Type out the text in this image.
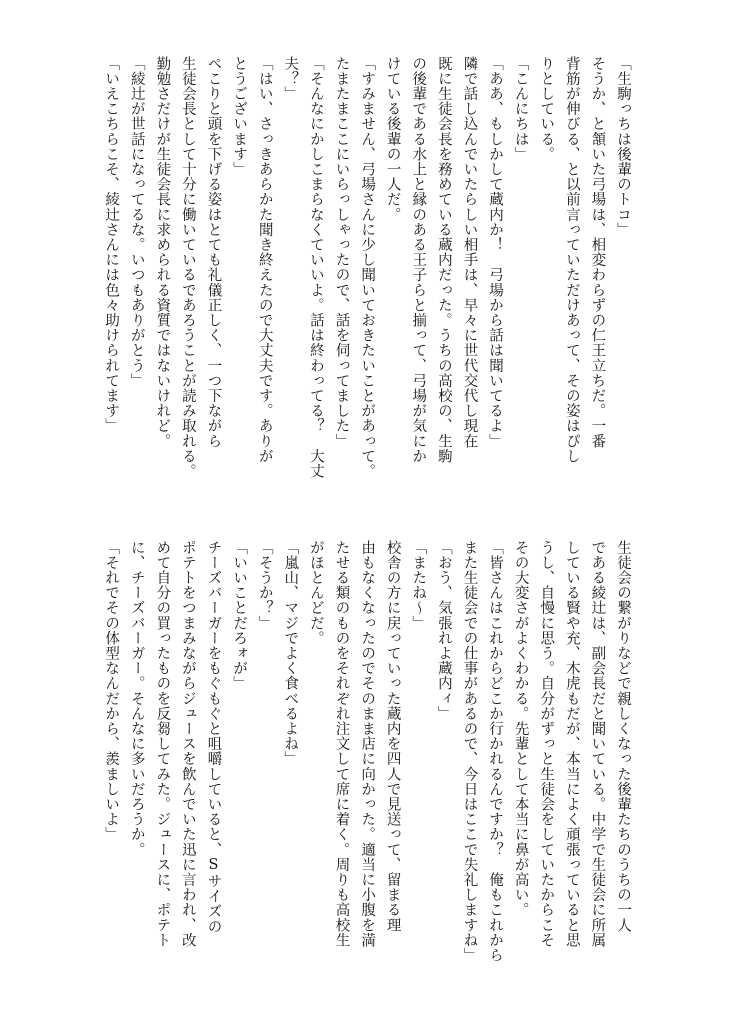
「生駒っちは後輩のトコ」

そうか、と頷いた弓場は、相変わらずの仁王立ちだ。一番

背筋が伸びる、と以前言っていただけあって、その姿はぴし

りとしている。

「こんにちは」

「ああ、もしかして蔵内か！　弓場から話は聞いてるよ」

隣で話し込んでいたらしい相手は、早々に世代交代し現在

既に生徒会長を務めている蔵内だった。うちの高校の、生駒

の後輩である水上と縁のある王子らと揃って、弓場が気にか

けている後輩の一人だ。

「すみません、弓場さんに少し聞いておきたいことがあって。

たまたまここにいらっしゃったので、話を伺ってました」

「そんなにかしこまらなくていいよ。話は終わってる？　大丈

夫？」

「はい、さっきあらかた聞き終えたので大丈夫です。ありが

とうございます」

ぺこりと頭を下げる姿はとても礼儀正しく、一つ下ながら

生徒会長として十分に働いているであろうことが読み取れる。

勤勉さだけが生徒会長に求められる資質ではないけれど。

「綾辻が世話になってるな。いつもありがとう」

「いえこちらこそ、綾辻さんには色々助けられてます」

生徒会の繋がりなどで親しくなった後輩たちのうちの一人

である綾辻は、副会長だと聞いている。中学で生徒会に所属

している賢や充、木虎もだが、本当によく頑張っていると思

うし、自慢に思う。自分がずっと生徒会をしていたからこそ

その大変さがよくわかる。先輩として本当に鼻が高い。

「皆さんはこれからどこか行かれるんですか？　俺もこれから

また生徒会での仕事があるので、今日はここで失礼しますね」

「おう、気張れよ蔵内ィ」

「またね〜」

校舎の方に戻っていった蔵内を四人で見送って、留まる理

由もなくなったのでそのまま店に向かった。適当に小腹を満

たせる類のものをそれぞれ注文して席に着く。周りも高校生

がほとんどだ。

「嵐山、マジでよく食べるよね」

「そうか？」

「いいことだろォが」

チーズバーガーをもぐもぐと咀嚼していると、Sサイズの

ポテトをつまみながらジュースを飲んでいた迅に言われ、改

めて自分の買ったものを反芻してみた。ジュースに、ポテト

に、チーズバーガー。そんなに多いだろうか。

「それでその体型なんだから、羨ましいよ」
